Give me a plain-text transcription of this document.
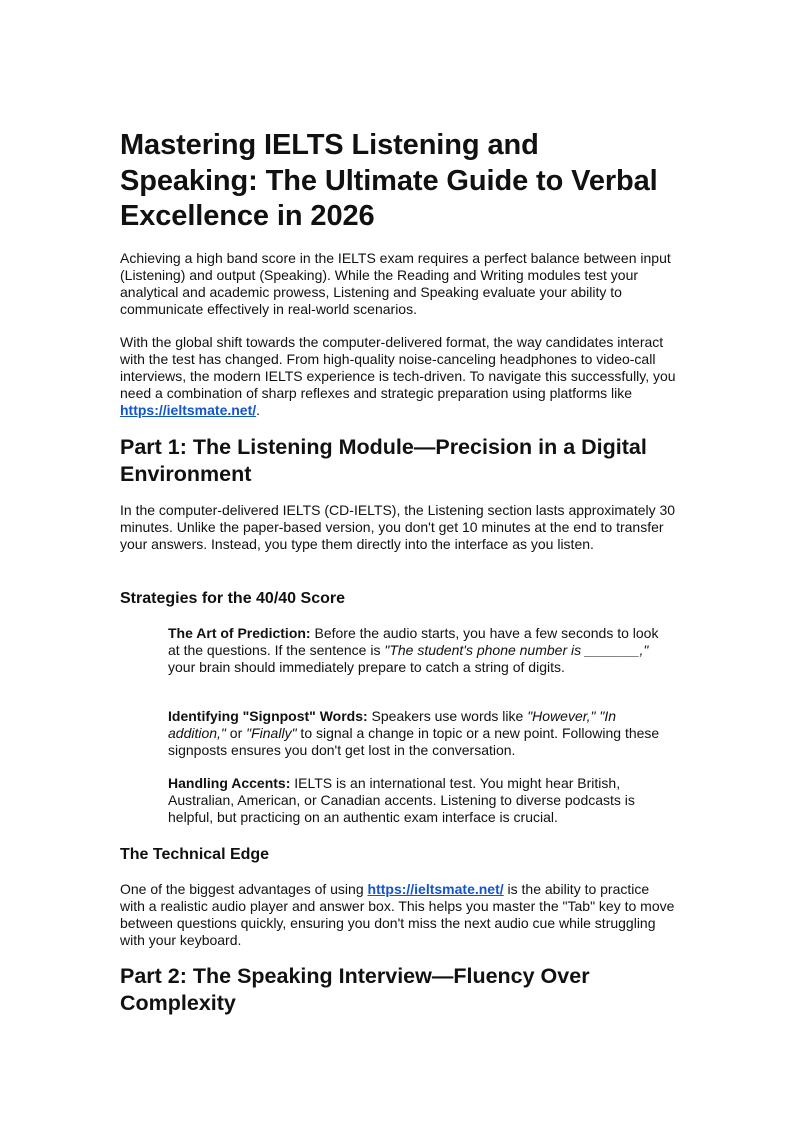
Mastering IELTS Listening and Speaking: The Ultimate Guide to Verbal Excellence in 2026

Achieving a high band score in the IELTS exam requires a perfect balance between input (Listening) and output (Speaking). While the Reading and Writing modules test your analytical and academic prowess, Listening and Speaking evaluate your ability to communicate effectively in real-world scenarios.

With the global shift towards the computer-delivered format, the way candidates interact with the test has changed. From high-quality noise-canceling headphones to video-call interviews, the modern IELTS experience is tech-driven. To navigate this successfully, you need a combination of sharp reflexes and strategic preparation using platforms like https://ieltsmate.net/.

Part 1: The Listening Module—Precision in a Digital Environment

In the computer-delivered IELTS (CD-IELTS), the Listening section lasts approximately 30 minutes. Unlike the paper-based version, you don't get 10 minutes at the end to transfer your answers. Instead, you type them directly into the interface as you listen.

Strategies for the 40/40 Score

The Art of Prediction: Before the audio starts, you have a few seconds to look at the questions. If the sentence is "The student's phone number is _______," your brain should immediately prepare to catch a string of digits.

Identifying "Signpost" Words: Speakers use words like "However," "In addition," or "Finally" to signal a change in topic or a new point. Following these signposts ensures you don't get lost in the conversation.

Handling Accents: IELTS is an international test. You might hear British, Australian, American, or Canadian accents. Listening to diverse podcasts is helpful, but practicing on an authentic exam interface is crucial.

The Technical Edge

One of the biggest advantages of using https://ieltsmate.net/ is the ability to practice with a realistic audio player and answer box. This helps you master the "Tab" key to move between questions quickly, ensuring you don't miss the next audio cue while struggling with your keyboard.

Part 2: The Speaking Interview—Fluency Over Complexity
